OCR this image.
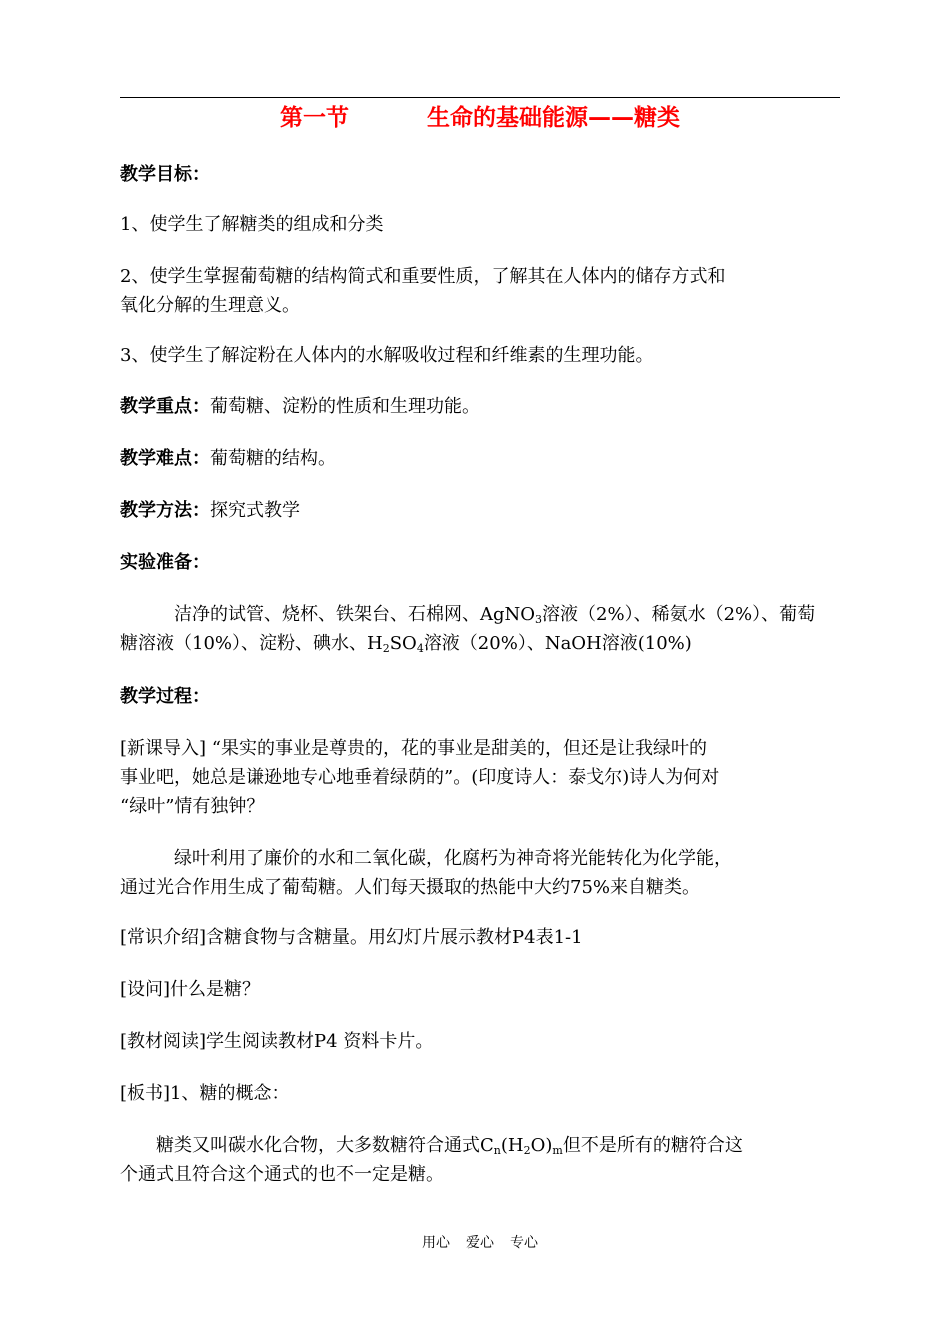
第一节	生命的基础能源——糖类
教学目标：
1、使学生了解糖类的组成和分类
2、使学生掌握葡萄糖的结构简式和重要性质，了解其在人体内的储存方式和
氧化分解的生理意义。
3、使学生了解淀粉在人体内的水解吸收过程和纤维素的生理功能。
教学重点：葡萄糖、淀粉的性质和生理功能。
教学难点：葡萄糖的结构。
教学方法：探究式教学
实验准备：
洁净的试管、烧杯、铁架台、石棉网、AgNO$_3$溶液（2%）、稀氨水（2%）、葡萄
糖溶液（10%）、淀粉、碘水、$H_2SO_4$溶液（20%）、NaOH溶液(10%)
教学过程：
[新课导入] “果实的事业是尊贵的，花的事业是甜美的，但还是让我绿叶的
事业吧，她总是谦逊地专心地垂着绿荫的”。(印度诗人：泰戈尔)诗人为何对
“绿叶”情有独钟？
绿叶利用了廉价的水和二氧化碳，化腐朽为神奇将光能转化为化学能，
通过光合作用生成了葡萄糖。人们每天摄取的热能中大约75%来自糖类。
[常识介绍]含糖食物与含糖量。用幻灯片展示教材P4表1-1
[设问]什么是糖？
[教材阅读]学生阅读教材P4 资料卡片。
[板书]1、糖的概念：
糖类又叫碳水化合物，大多数糖符合通式$C_n(H_2O)_m$但不是所有的糖符合这
个通式且符合这个通式的也不一定是糖。
用心 爱心 专心
